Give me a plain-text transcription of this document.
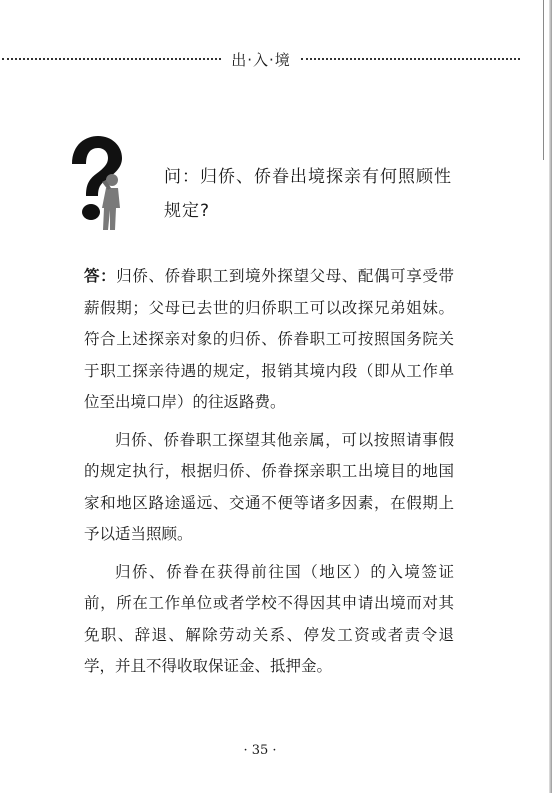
出·入·境
问：归侨、侨眷出境探亲有何照顾性规定?

答：归侨、侨眷职工到境外探望父母、配偶可享受带薪假期；父母已去世的归侨职工可以改探兄弟姐妹。符合上述探亲对象的归侨、侨眷职工可按照国务院关于职工探亲待遇的规定，报销其境内段（即从工作单位至出境口岸）的往返路费。

归侨、侨眷职工探望其他亲属，可以按照请事假的规定执行，根据归侨、侨眷探亲职工出境目的地国家和地区路途遥远、交通不便等诸多因素，在假期上予以适当照顾。

归侨、侨眷在获得前往国（地区）的入境签证前，所在工作单位或者学校不得因其申请出境而对其免职、辞退、解除劳动关系、停发工资或者责令退学，并且不得收取保证金、抵押金。

· 35 ·
